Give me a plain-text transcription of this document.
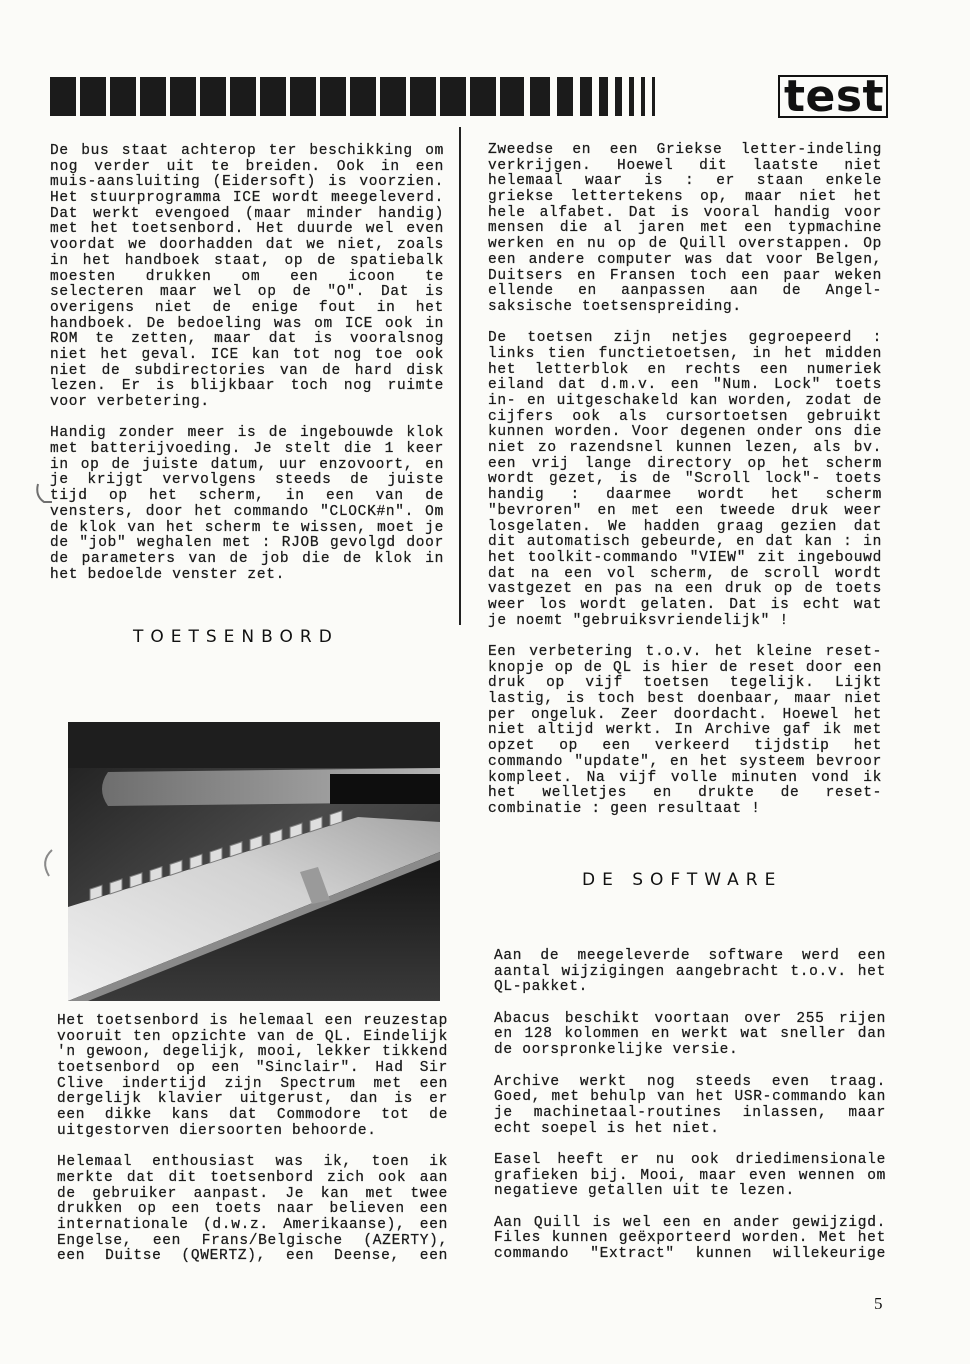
test
De bus staat achterop ter beschikking om
nog verder uit te breiden. Ook in een
muis-aansluiting (Eidersoft) is voorzien.
Het stuurprogramma ICE wordt meegeleverd.
Dat werkt evengoed (maar minder handig)
met het toetsenbord. Het duurde wel even
voordat we doorhadden dat we niet, zoals
in het handboek staat, op de spatiebalk
moesten drukken om een icoon te
selecteren maar wel op de "O". Dat is
overigens niet de enige fout in het
handboek. De bedoeling was om ICE ook in
ROM te zetten, maar dat is vooralsnog
niet het geval. ICE kan tot nog toe ook
niet de subdirectories van de hard disk
lezen. Er is blijkbaar toch nog ruimte
voor verbetering.
Handig zonder meer is de ingebouwde klok
met batterijvoeding. Je stelt die 1 keer
in op de juiste datum, uur enzovoort, en
je krijgt vervolgens steeds de juiste
tijd op het scherm, in een van de
vensters, door het commando "CLOCK#n". Om
de klok van het scherm te wissen, moet je
de "job" weghalen met : RJOB gevolgd door
de parameters van de job die de klok in
het bedoelde venster zet.
TOETSENBORD
Het toetsenbord is helemaal een reuzestap
vooruit ten opzichte van de QL. Eindelijk
'n gewoon, degelijk, mooi, lekker tikkend
toetsenbord op een "Sinclair". Had Sir
Clive indertijd zijn Spectrum met een
dergelijk klavier uitgerust, dan is er
een dikke kans dat Commodore tot de
uitgestorven diersoorten behoorde.
Helemaal enthousiast was ik, toen ik
merkte dat dit toetsenbord zich ook aan
de gebruiker aanpast. Je kan met twee
drukken op een toets naar believen een
internationale (d.w.z. Amerikaanse), een
Engelse, een Frans/Belgische (AZERTY),
een Duitse (QWERTZ), een Deense, een
Zweedse en een Griekse letter-indeling
verkrijgen. Hoewel dit laatste niet
helemaal waar is : er staan enkele
griekse lettertekens op, maar niet het
hele alfabet. Dat is vooral handig voor
mensen die al jaren met een typmachine
werken en nu op de Quill overstappen. Op
een andere computer was dat voor Belgen,
Duitsers en Fransen toch een paar weken
ellende en aanpassen aan de Angel-
saksische toetsenspreiding.
De toetsen zijn netjes gegroepeerd :
links tien functietoetsen, in het midden
het letterblok en rechts een numeriek
eiland dat d.m.v. een "Num. Lock" toets
in- en uitgeschakeld kan worden, zodat de
cijfers ook als cursortoetsen gebruikt
kunnen worden. Voor degenen onder ons die
niet zo razendsnel kunnen lezen, als bv.
een vrij lange directory op het scherm
wordt gezet, is de "Scroll lock"- toets
handig : daarmee wordt het scherm
"bevroren" en met een tweede druk weer
losgelaten. We hadden graag gezien dat
dit automatisch gebeurde, en dat kan : in
het toolkit-commando "VIEW" zit ingebouwd
dat na een vol scherm, de scroll wordt
vastgezet en pas na een druk op de toets
weer los wordt gelaten. Dat is echt wat
je noemt "gebruiksvriendelijk" !
Een verbetering t.o.v. het kleine reset-
knopje op de QL is hier de reset door een
druk op vijf toetsen tegelijk. Lijkt
lastig, is toch best doenbaar, maar niet
per ongeluk. Zeer doordacht. Hoewel het
niet altijd werkt. In Archive gaf ik met
opzet op een verkeerd tijdstip het
commando "update", en het systeem bevroor
kompleet. Na vijf volle minuten vond ik
het welletjes en drukte de reset-
combinatie : geen resultaat !
DE SOFTWARE
Aan de meegeleverde software werd een
aantal wijzigingen aangebracht t.o.v. het
QL-pakket.
Abacus beschikt voortaan over 255 rijen
en 128 kolommen en werkt wat sneller dan
de oorspronkelijke versie.
Archive werkt nog steeds even traag.
Goed, met behulp van het USR-commando kan
je machinetaal-routines inlassen, maar
echt soepel is het niet.
Easel heeft er nu ook driedimensionale
grafieken bij. Mooi, maar even wennen om
negatieve getallen uit te lezen.
Aan Quill is wel een en ander gewijzigd.
Files kunnen geëxporteerd worden. Met het
commando "Extract" kunnen willekeurige
5
